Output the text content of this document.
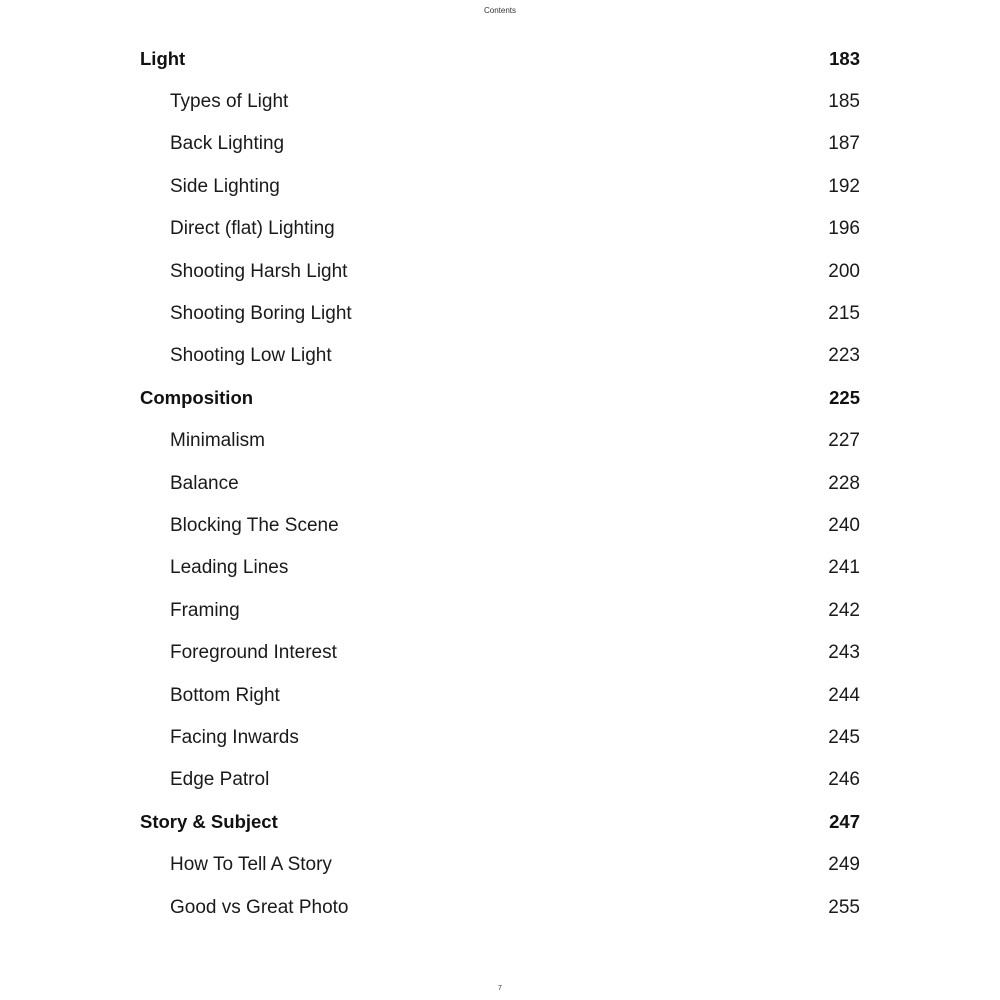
Contents
Light	183
Types of Light	185
Back Lighting	187
Side Lighting	192
Direct (flat) Lighting	196
Shooting Harsh Light	200
Shooting Boring Light	215
Shooting Low Light	223
Composition	225
Minimalism	227
Balance	228
Blocking The Scene	240
Leading Lines	241
Framing	242
Foreground Interest	243
Bottom Right	244
Facing Inwards	245
Edge Patrol	246
Story & Subject	247
How To Tell A Story	249
Good vs Great Photo	255
7
